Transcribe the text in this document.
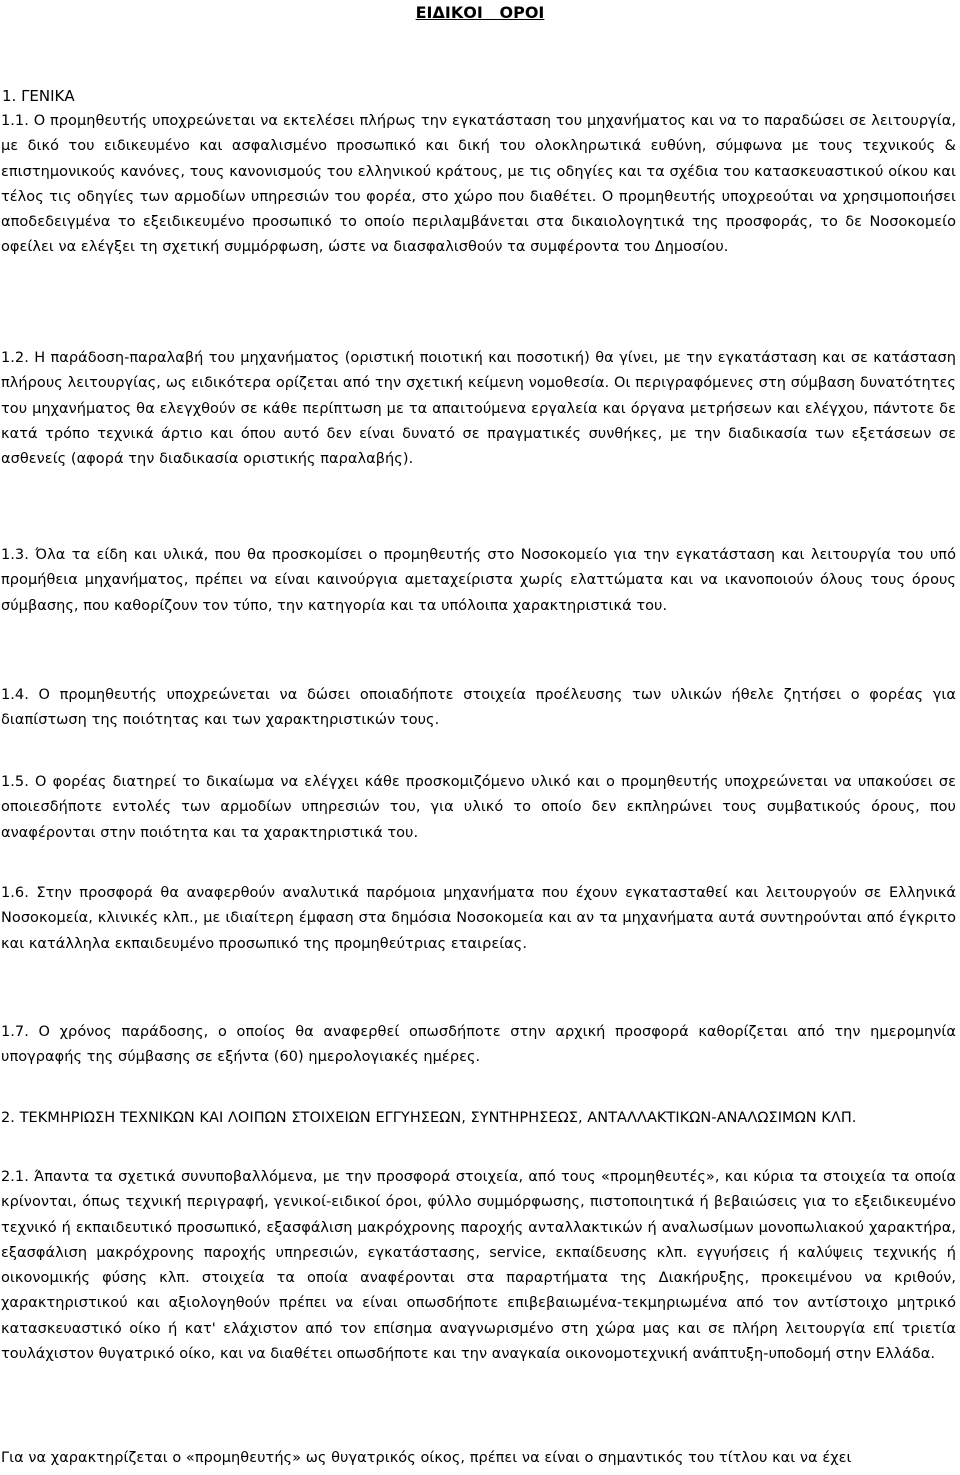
ΕΙΔΙΚΟΙ   ΟΡΟΙ

1. ΓΕΝΙΚΑ

1.1. Ο προμηθευτής υποχρεώνεται να εκτελέσει πλήρως την εγκατάσταση του μηχανήματος και να το παραδώσει σε λειτουργία, με δικό του ειδικευμένο και ασφαλισμένο προσωπικό και δική του ολοκληρωτικά ευθύνη, σύμφωνα με τους τεχνικούς & επιστημονικούς κανόνες, τους κανονισμούς του ελληνικού κράτους, με τις οδηγίες και τα σχέδια του κατασκευαστικού οίκου και τέλος τις οδηγίες των αρμοδίων υπηρεσιών του φορέα, στο χώρο που διαθέτει. Ο προμηθευτής υποχρεούται να χρησιμοποιήσει αποδεδειγμένα το εξειδικευμένο προσωπικό το οποίο περιλαμβάνεται στα δικαιολογητικά της προσφοράς, το δε Νοσοκομείο οφείλει να ελέγξει τη σχετική συμμόρφωση, ώστε να διασφαλισθούν τα συμφέροντα του Δημοσίου.

1.2. Η παράδοση-παραλαβή του μηχανήματος (οριστική ποιοτική και ποσοτική) θα γίνει, με την εγκατάσταση και σε κατάσταση πλήρους λειτουργίας, ως ειδικότερα ορίζεται από την σχετική κείμενη νομοθεσία. Οι περιγραφόμενες στη σύμβαση δυνατότητες του μηχανήματος θα ελεγχθούν σε κάθε περίπτωση με τα απαιτούμενα εργαλεία και όργανα μετρήσεων και ελέγχου, πάντοτε δε κατά τρόπο τεχνικά άρτιο και όπου αυτό δεν είναι δυνατό σε πραγματικές συνθήκες, με την διαδικασία των εξετάσεων σε ασθενείς (αφορά την διαδικασία οριστικής παραλαβής).

1.3. Όλα τα είδη και υλικά, που θα προσκομίσει ο προμηθευτής στο Νοσοκομείο για την εγκατάσταση και λειτουργία του υπό προμήθεια μηχανήματος, πρέπει να είναι καινούργια αμεταχείριστα χωρίς ελαττώματα και να ικανοποιούν όλους τους όρους σύμβασης, που καθορίζουν τον τύπο, την κατηγορία και τα υπόλοιπα χαρακτηριστικά του.

1.4. Ο προμηθευτής υποχρεώνεται να δώσει οποιαδήποτε στοιχεία προέλευσης των υλικών ήθελε ζητήσει ο φορέας για διαπίστωση της ποιότητας και των χαρακτηριστικών τους.

1.5. Ο φορέας διατηρεί το δικαίωμα να ελέγχει κάθε προσκομιζόμενο υλικό και ο προμηθευτής υποχρεώνεται να υπακούσει σε οποιεσδήποτε εντολές των αρμοδίων υπηρεσιών του, για υλικό το οποίο δεν εκπληρώνει τους συμβατικούς όρους, που αναφέρονται στην ποιότητα και τα χαρακτηριστικά του.

1.6. Στην προσφορά θα αναφερθούν αναλυτικά παρόμοια μηχανήματα που έχουν εγκατασταθεί και λειτουργούν σε Ελληνικά Νοσοκομεία, κλινικές κλπ., με ιδιαίτερη έμφαση στα δημόσια Νοσοκομεία και αν τα μηχανήματα αυτά συντηρούνται από έγκριτο και κατάλληλα εκπαιδευμένο προσωπικό της προμηθεύτριας εταιρείας.

1.7. Ο χρόνος παράδοσης, ο οποίος θα αναφερθεί οπωσδήποτε στην αρχική προσφορά καθορίζεται από την ημερομηνία υπογραφής της σύμβασης σε εξήντα (60) ημερολογιακές ημέρες.

2. ΤΕΚΜΗΡΙΩΣΗ ΤΕΧΝΙΚΩΝ ΚΑΙ ΛΟΙΠΩΝ ΣΤΟΙΧΕΙΩΝ ΕΓΓΥΗΣΕΩΝ, ΣΥΝΤΗΡΗΣΕΩΣ, ΑΝΤΑΛΛΑΚΤΙΚΩΝ-ΑΝΑΛΩΣΙΜΩΝ ΚΛΠ.

2.1. Άπαντα τα σχετικά συνυποβαλλόμενα, με την προσφορά στοιχεία, από τους «προμηθευτές», και κύρια τα στοιχεία τα οποία κρίνονται, όπως τεχνική περιγραφή, γενικοί-ειδικοί όροι, φύλλο συμμόρφωσης, πιστοποιητικά ή βεβαιώσεις για το εξειδικευμένο τεχνικό ή εκπαιδευτικό προσωπικό, εξασφάλιση μακρόχρονης παροχής ανταλλακτικών ή αναλωσίμων μονοπωλιακού χαρακτήρα, εξασφάλιση μακρόχρονης παροχής υπηρεσιών, εγκατάστασης, service, εκπαίδευσης κλπ. εγγυήσεις ή καλύψεις τεχνικής ή οικονομικής φύσης κλπ. στοιχεία τα οποία αναφέρονται στα παραρτήματα της Διακήρυξης, προκειμένου να κριθούν, χαρακτηριστικού και αξιολογηθούν πρέπει να είναι οπωσδήποτε επιβεβαιωμένα-τεκμηριωμένα από τον αντίστοιχο μητρικό κατασκευαστικό οίκο ή κατ' ελάχιστον από τον επίσημα αναγνωρισμένο στη χώρα μας και σε πλήρη λειτουργία επί τριετία τουλάχιστον θυγατρικό οίκο, και να διαθέτει οπωσδήποτε και την αναγκαία οικονομοτεχνική ανάπτυξη-υποδομή στην Ελλάδα.

Για να χαρακτηρίζεται ο «προμηθευτής» ως θυγατρικός οίκος, πρέπει να είναι ο σημαντικός του τίτλου και να έχει
